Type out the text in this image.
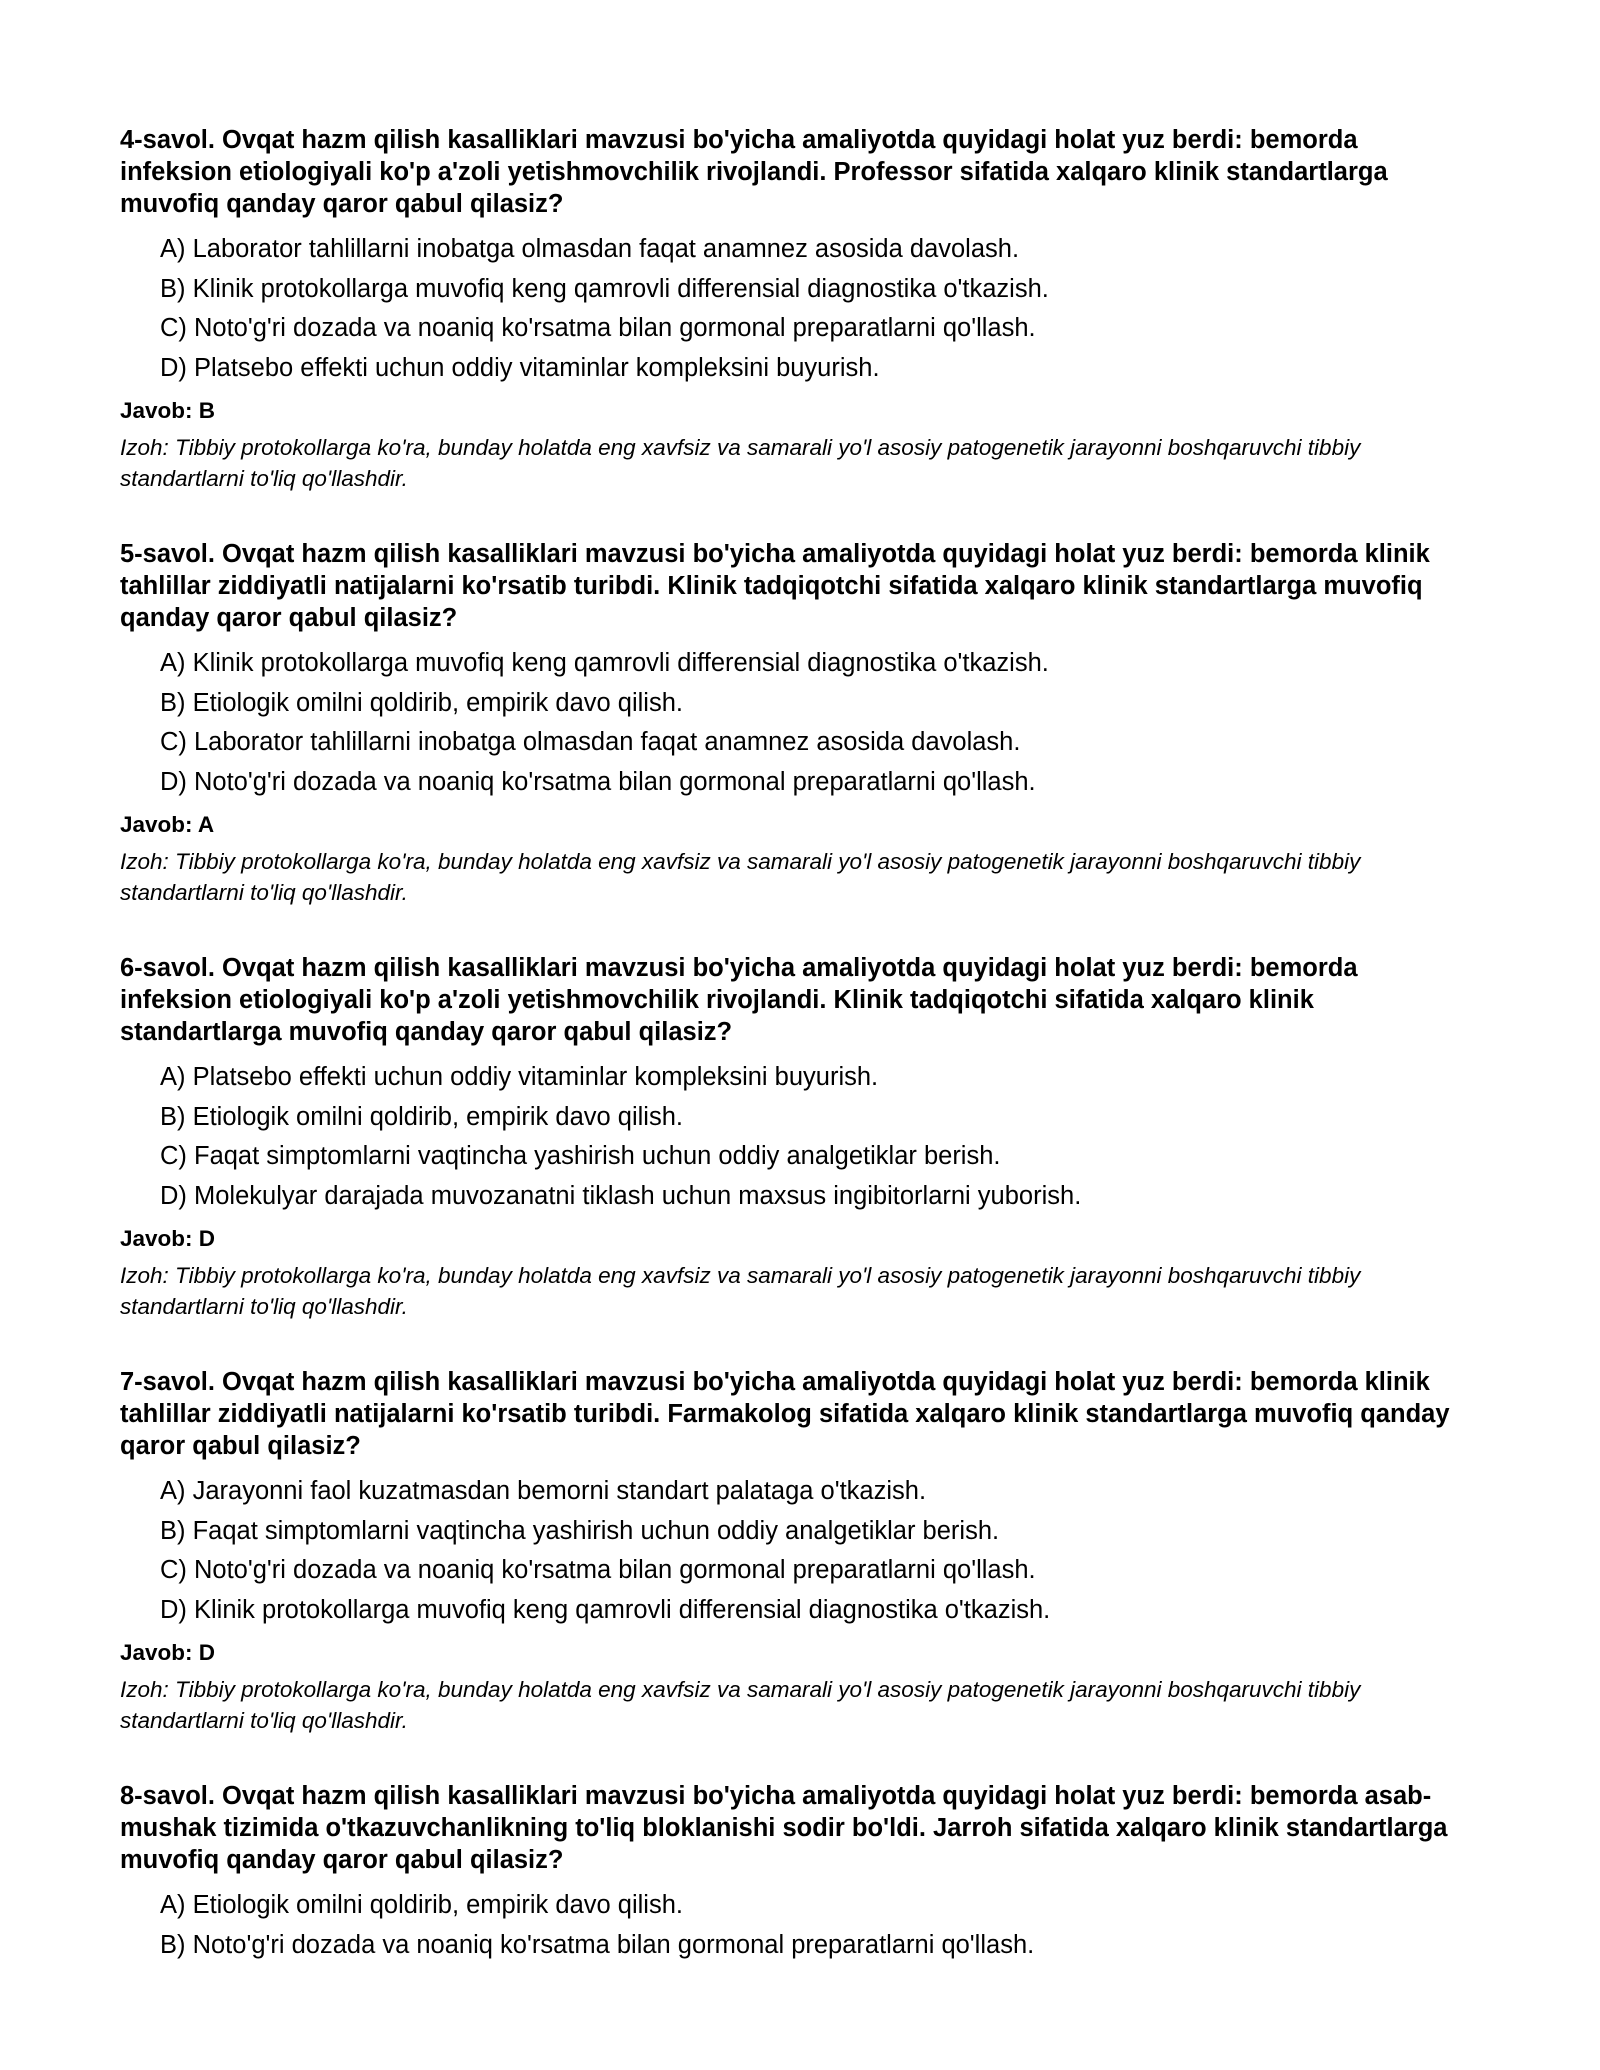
4-savol. Ovqat hazm qilish kasalliklari mavzusi bo'yicha amaliyotda quyidagi holat yuz berdi: bemorda infeksion etiologiyali ko'p a'zoli yetishmovchilik rivojlandi. Professor sifatida xalqaro klinik standartlarga muvofiq qanday qaror qabul qilasiz?

A) Laborator tahlillarni inobatga olmasdan faqat anamnez asosida davolash.
B) Klinik protokollarga muvofiq keng qamrovli differensial diagnostika o'tkazish.
C) Noto'g'ri dozada va noaniq ko'rsatma bilan gormonal preparatlarni qo'llash.
D) Platsebo effekti uchun oddiy vitaminlar kompleksini buyurish.

Javob: B

Izoh: Tibbiy protokollarga ko'ra, bunday holatda eng xavfsiz va samarali yo'l asosiy patogenetik jarayonni boshqaruvchi tibbiy standartlarni to'liq qo'llashdir.

5-savol. Ovqat hazm qilish kasalliklari mavzusi bo'yicha amaliyotda quyidagi holat yuz berdi: bemorda klinik tahlillar ziddiyatli natijalarni ko'rsatib turibdi. Klinik tadqiqotchi sifatida xalqaro klinik standartlarga muvofiq qanday qaror qabul qilasiz?

A) Klinik protokollarga muvofiq keng qamrovli differensial diagnostika o'tkazish.
B) Etiologik omilni qoldirib, empirik davo qilish.
C) Laborator tahlillarni inobatga olmasdan faqat anamnez asosida davolash.
D) Noto'g'ri dozada va noaniq ko'rsatma bilan gormonal preparatlarni qo'llash.

Javob: A

Izoh: Tibbiy protokollarga ko'ra, bunday holatda eng xavfsiz va samarali yo'l asosiy patogenetik jarayonni boshqaruvchi tibbiy standartlarni to'liq qo'llashdir.

6-savol. Ovqat hazm qilish kasalliklari mavzusi bo'yicha amaliyotda quyidagi holat yuz berdi: bemorda infeksion etiologiyali ko'p a'zoli yetishmovchilik rivojlandi. Klinik tadqiqotchi sifatida xalqaro klinik standartlarga muvofiq qanday qaror qabul qilasiz?

A) Platsebo effekti uchun oddiy vitaminlar kompleksini buyurish.
B) Etiologik omilni qoldirib, empirik davo qilish.
C) Faqat simptomlarni vaqtincha yashirish uchun oddiy analgetiklar berish.
D) Molekulyar darajada muvozanatni tiklash uchun maxsus ingibitorlarni yuborish.

Javob: D

Izoh: Tibbiy protokollarga ko'ra, bunday holatda eng xavfsiz va samarali yo'l asosiy patogenetik jarayonni boshqaruvchi tibbiy standartlarni to'liq qo'llashdir.

7-savol. Ovqat hazm qilish kasalliklari mavzusi bo'yicha amaliyotda quyidagi holat yuz berdi: bemorda klinik tahlillar ziddiyatli natijalarni ko'rsatib turibdi. Farmakolog sifatida xalqaro klinik standartlarga muvofiq qanday qaror qabul qilasiz?

A) Jarayonni faol kuzatmasdan bemorni standart palataga o'tkazish.
B) Faqat simptomlarni vaqtincha yashirish uchun oddiy analgetiklar berish.
C) Noto'g'ri dozada va noaniq ko'rsatma bilan gormonal preparatlarni qo'llash.
D) Klinik protokollarga muvofiq keng qamrovli differensial diagnostika o'tkazish.

Javob: D

Izoh: Tibbiy protokollarga ko'ra, bunday holatda eng xavfsiz va samarali yo'l asosiy patogenetik jarayonni boshqaruvchi tibbiy standartlarni to'liq qo'llashdir.

8-savol. Ovqat hazm qilish kasalliklari mavzusi bo'yicha amaliyotda quyidagi holat yuz berdi: bemorda asab-mushak tizimida o'tkazuvchanlikning to'liq bloklanishi sodir bo'ldi. Jarroh sifatida xalqaro klinik standartlarga muvofiq qanday qaror qabul qilasiz?

A) Etiologik omilni qoldirib, empirik davo qilish.
B) Noto'g'ri dozada va noaniq ko'rsatma bilan gormonal preparatlarni qo'llash.
